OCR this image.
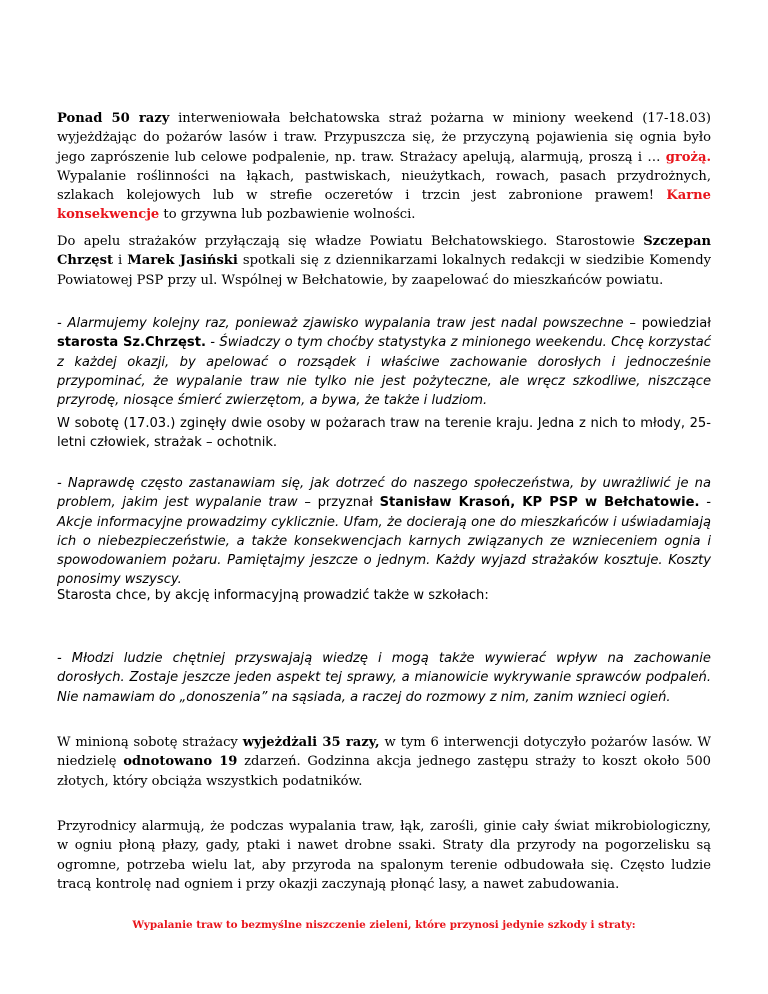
Ponad 50 razy interweniowała bełchatowska straż pożarna w miniony weekend (17-18.03) wyjeżdżając do pożarów lasów i traw. Przypuszcza się, że przyczyną pojawienia się ognia było jego zaprószenie lub celowe podpalenie, np. traw. Strażacy apelują, alarmują, proszą i … grożą. Wypalanie roślinności na łąkach, pastwiskach, nieużytkach, rowach, pasach przydrożnych, szlakach kolejowych lub w strefie oczeretów i trzcin jest zabronione prawem! Karne konsekwencje to grzywna lub pozbawienie wolności.

Do apelu strażaków przyłączają się władze Powiatu Bełchatowskiego. Starostowie Szczepan Chrzęst i Marek Jasiński spotkali się z dziennikarzami lokalnych redakcji w siedzibie Komendy Powiatowej PSP przy ul. Wspólnej w Bełchatowie, by zaapelować do mieszkańców powiatu.

- Alarmujemy kolejny raz, ponieważ zjawisko wypalania traw jest nadal powszechne – powiedział starosta Sz.Chrzęst. - Świadczy o tym choćby statystyka z minionego weekendu. Chcę korzystać z każdej okazji, by apelować o rozsądek i właściwe zachowanie dorosłych i jednocześnie przypominać, że wypalanie traw nie tylko nie jest pożyteczne, ale wręcz szkodliwe, niszczące przyrodę, niosące śmierć zwierzętom, a bywa, że także i ludziom.

W sobotę (17.03.) zginęły dwie osoby w pożarach traw na terenie kraju. Jedna z nich to młody, 25-letni człowiek, strażak – ochotnik.

- Naprawdę często zastanawiam się, jak dotrzeć do naszego społeczeństwa, by uwrażliwić je na problem, jakim jest wypalanie traw – przyznał Stanisław Krasoń, KP PSP w Bełchatowie. - Akcje informacyjne prowadzimy cyklicznie. Ufam, że docierają one do mieszkańców i uświadamiają ich o niebezpieczeństwie, a także konsekwencjach karnych związanych ze wznieceniem ognia i spowodowaniem pożaru. Pamiętajmy jeszcze o jednym. Każdy wyjazd strażaków kosztuje. Koszty ponosimy wszyscy.

Starosta chce, by akcję informacyjną prowadzić także w szkołach:

- Młodzi ludzie chętniej przyswajają wiedzę i mogą także wywierać wpływ na zachowanie dorosłych. Zostaje jeszcze jeden aspekt tej sprawy, a mianowicie wykrywanie sprawców podpaleń. Nie namawiam do „donoszenia” na sąsiada, a raczej do rozmowy z nim, zanim wznieci ogień.

W minioną sobotę strażacy wyjeżdżali 35 razy, w tym 6 interwencji dotyczyło pożarów lasów. W niedzielę odnotowano 19 zdarzeń. Godzinna akcja jednego zastępu straży to koszt około 500 złotych, który obciąża wszystkich podatników.

Przyrodnicy alarmują, że podczas wypalania traw, łąk, zarośli, ginie cały świat mikrobiologiczny, w ogniu płoną płazy, gady, ptaki i nawet drobne ssaki. Straty dla przyrody na pogorzelisku są ogromne, potrzeba wielu lat, aby przyroda na spalonym terenie odbudowała się. Często ludzie tracą kontrolę nad ogniem i przy okazji zaczynają płonąć lasy, a nawet zabudowania.

Wypalanie traw to bezmyślne niszczenie zieleni, które przynosi jedynie szkody i straty:
